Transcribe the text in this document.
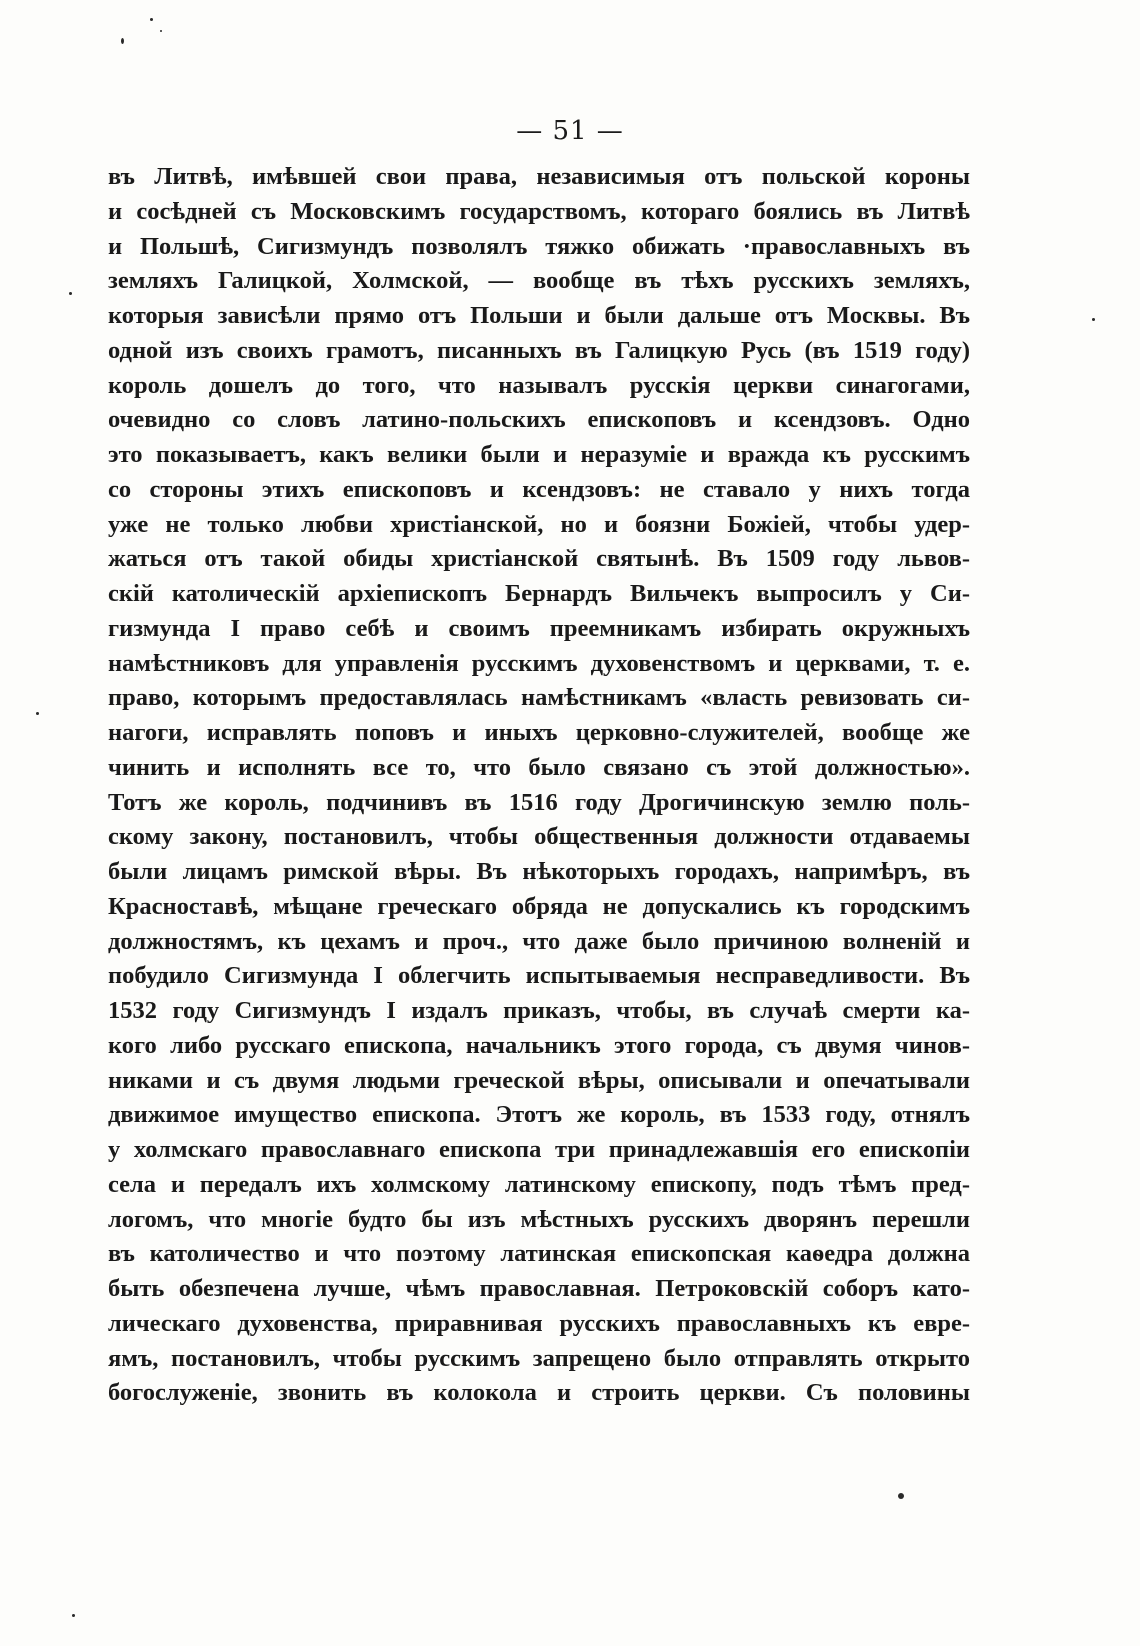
— 51 —
въ Литвѣ, имѣвшей свои права, независимыя отъ польской короны
и сосѣдней съ Московскимъ государствомъ, котораго боялись въ Литвѣ
и Польшѣ, Сигизмундъ позволялъ тяжко обижать ·православныхъ въ
земляхъ Галицкой, Холмской, — вообще въ тѣхъ русскихъ земляхъ,
которыя зависѣли прямо отъ Польши и были дальше отъ Москвы. Въ
одной изъ своихъ грамотъ, писанныхъ въ Галицкую Русь (въ 1519 году)
король дошелъ до того, что называлъ русскія церкви синагогами,
очевидно со словъ латино-польскихъ епископовъ и ксендзовъ. Одно
это показываетъ, какъ велики были и неразуміе и вражда къ русскимъ
со стороны этихъ епископовъ и ксендзовъ: не ставало у нихъ тогда
уже не только любви христіанской, но и боязни Божіей, чтобы удер-
жаться отъ такой обиды христіанской святынѣ. Въ 1509 году львов-
скій католическій архіепископъ Бернардъ Вильчекъ выпросилъ у Си-
гизмунда I право себѣ и своимъ преемникамъ избирать окружныхъ
намѣстниковъ для управленія русскимъ духовенствомъ и церквами, т. е.
право, которымъ предоставлялась намѣстникамъ «власть ревизовать си-
нагоги, исправлять поповъ и иныхъ церковно-служителей, вообще же
чинить и исполнять все то, что было связано съ этой должностью».
Тотъ же король, подчинивъ въ 1516 году Дрогичинскую землю поль-
скому закону, постановилъ, чтобы общественныя должности отдаваемы
были лицамъ римской вѣры. Въ нѣкоторыхъ городахъ, напримѣръ, въ
Красноставѣ, мѣщане греческаго обряда не допускались къ городскимъ
должностямъ, къ цехамъ и проч., что даже было причиною волненій и
побудило Сигизмунда I облегчить испытываемыя несправедливости. Въ
1532 году Сигизмундъ I издалъ приказъ, чтобы, въ случаѣ смерти ка-
кого либо русскаго епископа, начальникъ этого города, съ двумя чинов-
никами и съ двумя людьми греческой вѣры, описывали и опечатывали
движимое имущество епископа. Этотъ же король, въ 1533 году, отнялъ
у холмскаго православнаго епископа три принадлежавшія его епископіи
села и передалъ ихъ холмскому латинскому епископу, подъ тѣмъ пред-
логомъ, что многіе будто бы изъ мѣстныхъ русскихъ дворянъ перешли
въ католичество и что поэтому латинская епископская каѳедра должна
быть обезпечена лучше, чѣмъ православная. Петроковскій соборъ като-
лическаго духовенства, приравнивая русскихъ православныхъ къ евре-
ямъ, постановилъ, чтобы русскимъ запрещено было отправлять открыто
богослуженіе, звонить въ колокола и строить церкви. Съ половины
